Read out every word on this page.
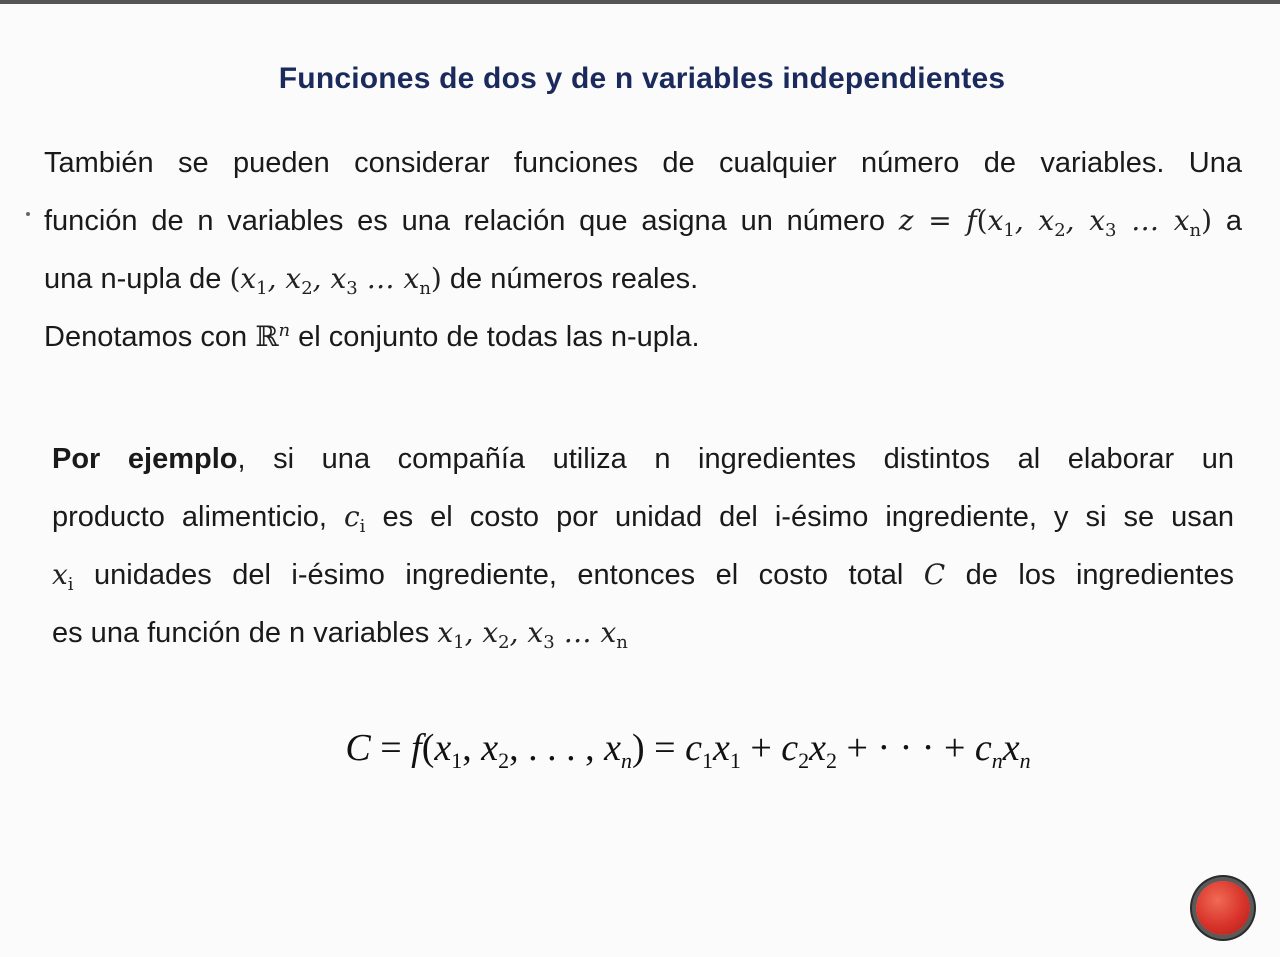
Funciones de dos y de n variables independientes
También se pueden considerar funciones de cualquier número de variables. Una
función de n variables es una relación que asigna un número $z = f(x_1$, $x_2$, $x_3$ … $x_n$) a
una n-upla de ($x_1$, $x_2$, $x_3$ … $x_n$) de números reales.
Denotamos con ℝ$^n$ el conjunto de todas las n-upla.
Por ejemplo, si una compañía utiliza n ingredientes distintos al elaborar un
producto alimenticio, $c_i$ es el costo por unidad del i-ésimo ingrediente, y si se usan
$x_i$ unidades del i-ésimo ingrediente, entonces el costo total C de los ingredientes
es una función de n variables $x_1$, $x_2$, $x_3$ … $x_n$
$C = f(x_1$, $x_2$, . . . , $x_n) = c_1x_1 + c_2x_2$ + · · · + $c_nx_n$
